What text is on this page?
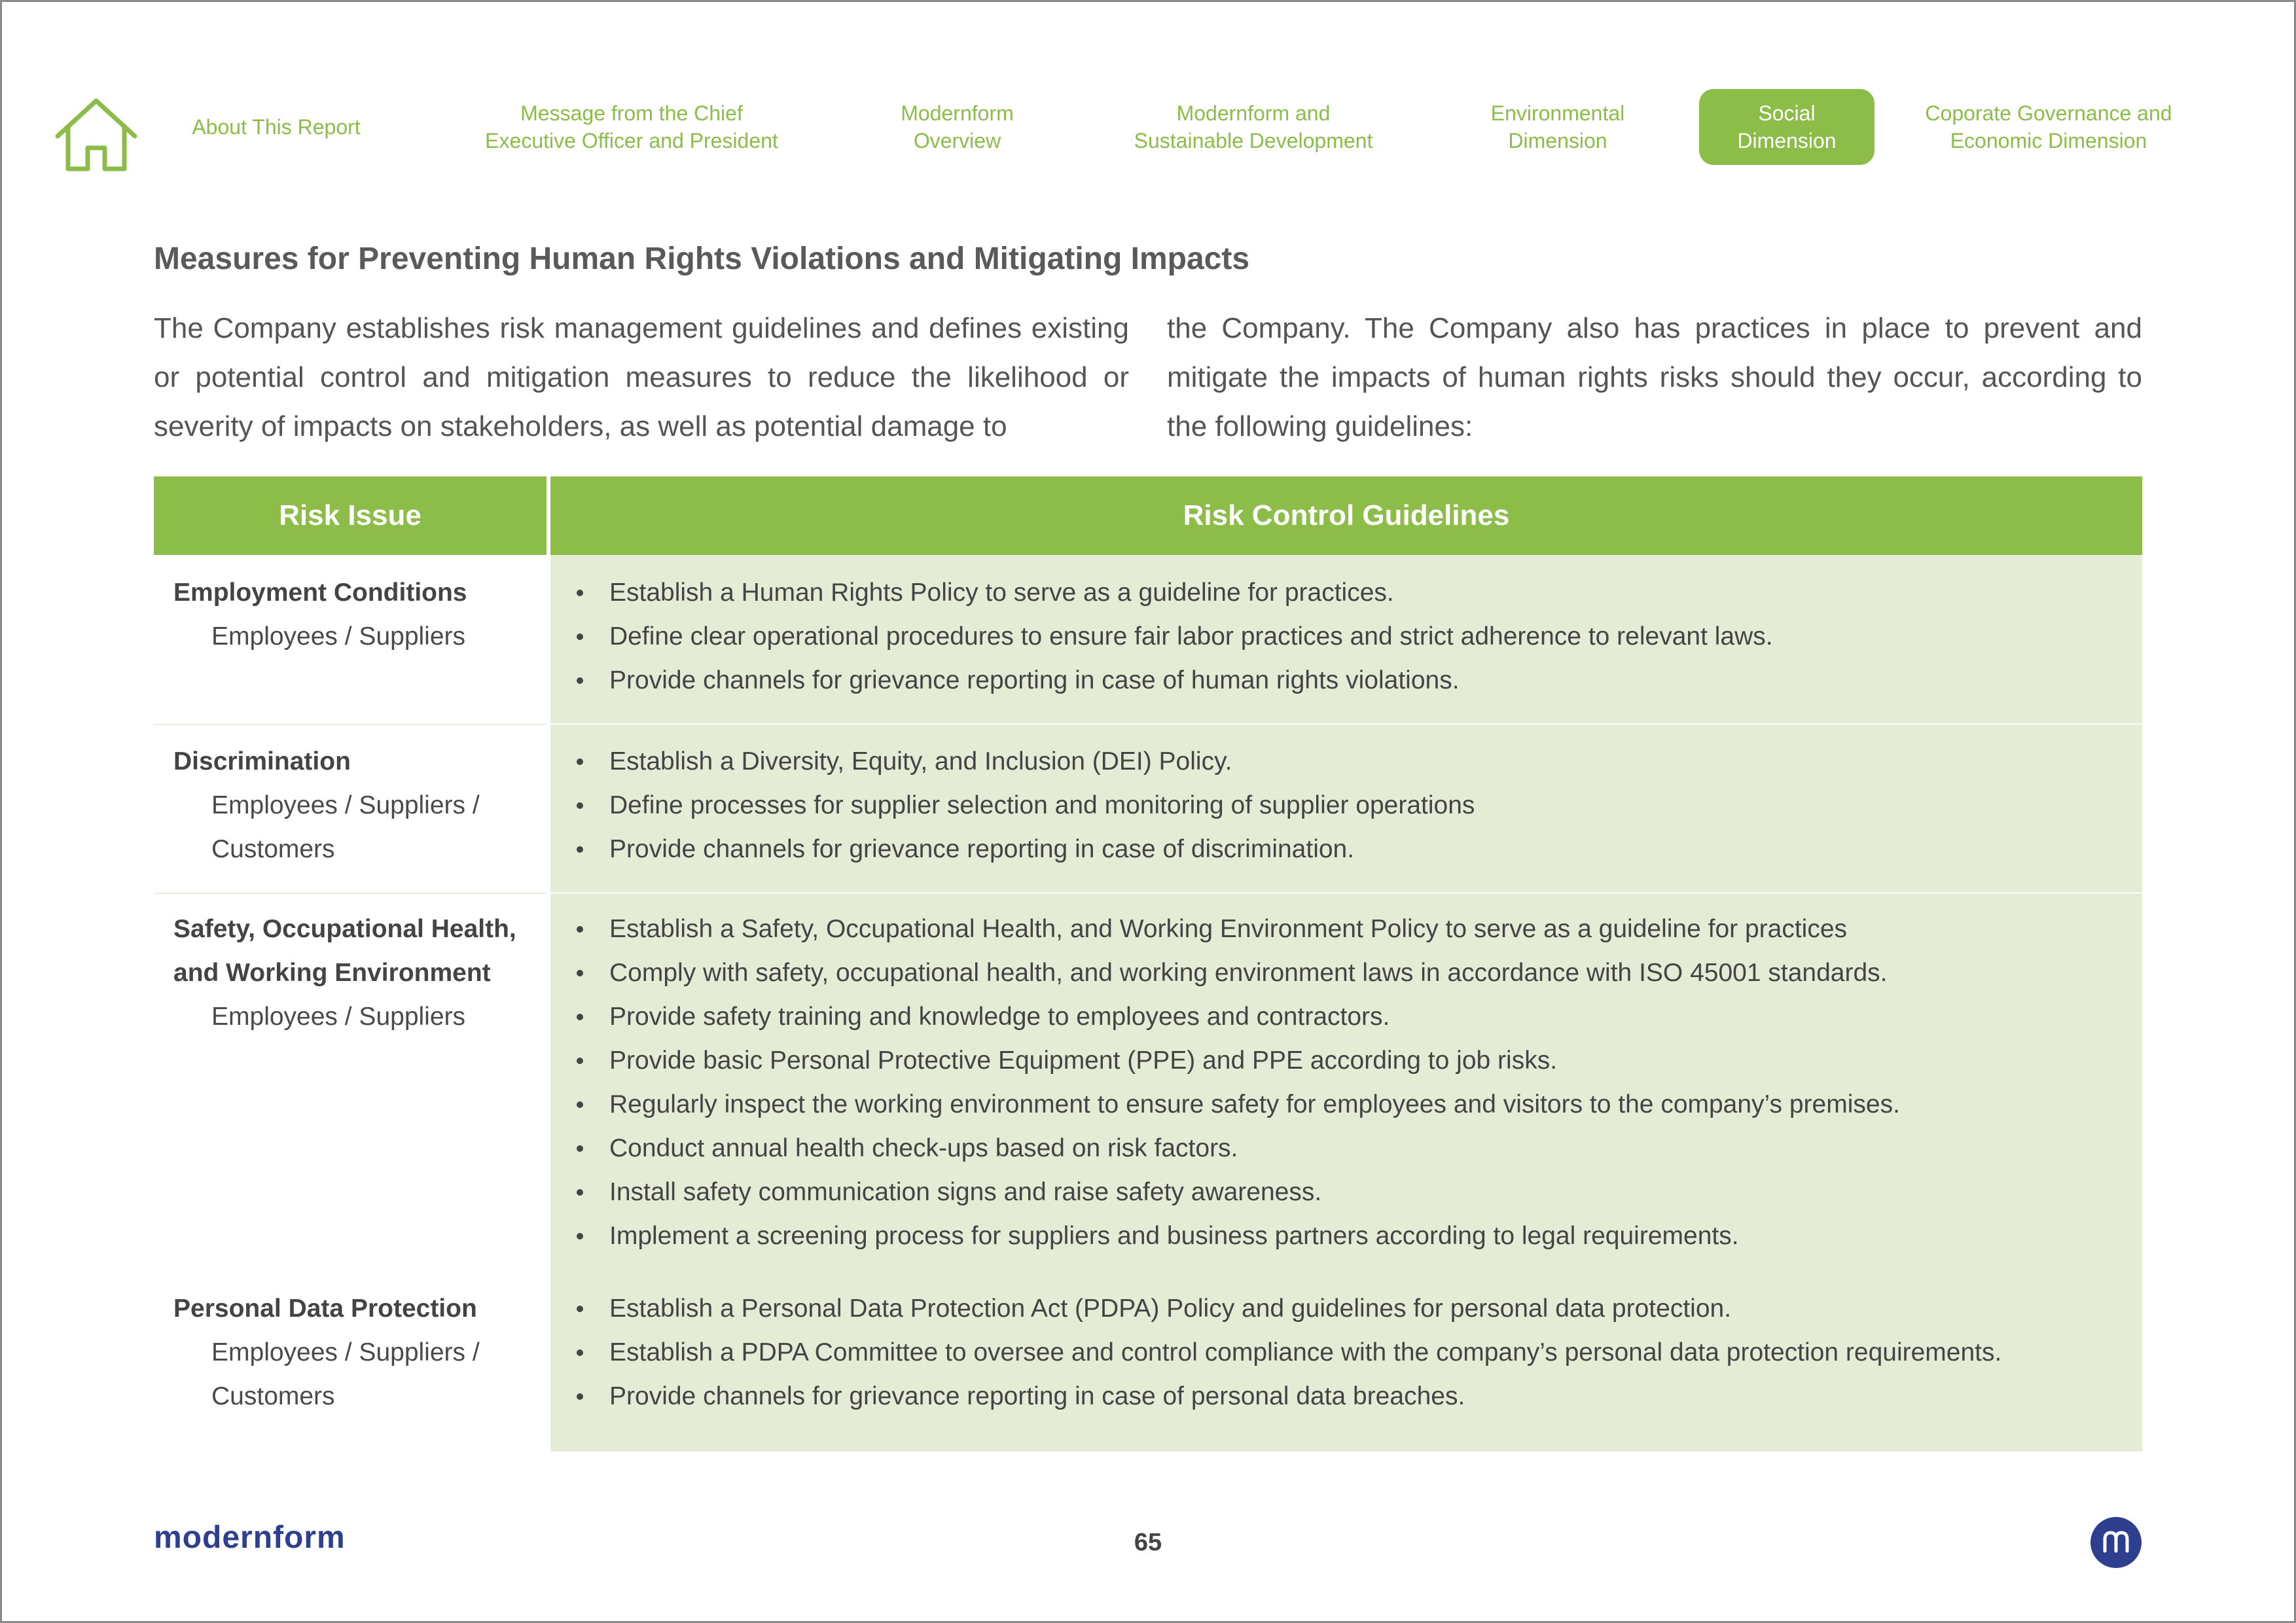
About This Report
Message from the Chief
Executive Officer and President
Modernform
Overview
Modernform and
Sustainable Development
Environmental
Dimension
Social
Dimension
Coporate Governance and
Economic Dimension
Measures for Preventing Human Rights Violations and Mitigating Impacts

The Company establishes risk management guidelines and defines existing or potential control and mitigation measures to reduce the likelihood or severity of impacts on stakeholders, as well as potential damage to

the Company. The Company also has practices in place to prevent and mitigate the impacts of human rights risks should they occur, according to the following guidelines:

Risk Issue	Risk Control Guidelines
Employment Conditions
Employees / Suppliers
Establish a Human Rights Policy to serve as a guideline for practices.
Define clear operational procedures to ensure fair labor practices and strict adherence to relevant laws.
Provide channels for grievance reporting in case of human rights violations.
Discrimination
Employees / Suppliers /
Customers
Establish a Diversity, Equity, and Inclusion (DEI) Policy.
Define processes for supplier selection and monitoring of supplier operations
Provide channels for grievance reporting in case of discrimination.
Safety, Occupational Health,
and Working Environment
Employees / Suppliers
Establish a Safety, Occupational Health, and Working Environment Policy to serve as a guideline for practices
Comply with safety, occupational health, and working environment laws in accordance with ISO 45001 standards.
Provide safety training and knowledge to employees and contractors.
Provide basic Personal Protective Equipment (PPE) and PPE according to job risks.
Regularly inspect the working environment to ensure safety for employees and visitors to the company’s premises.
Conduct annual health check-ups based on risk factors.
Install safety communication signs and raise safety awareness.
Implement a screening process for suppliers and business partners according to legal requirements.
Personal Data Protection
Employees / Suppliers /
Customers
Establish a Personal Data Protection Act (PDPA) Policy and guidelines for personal data protection.
Establish a PDPA Committee to oversee and control compliance with the company’s personal data protection requirements.
Provide channels for grievance reporting in case of personal data breaches.
modernform	65
